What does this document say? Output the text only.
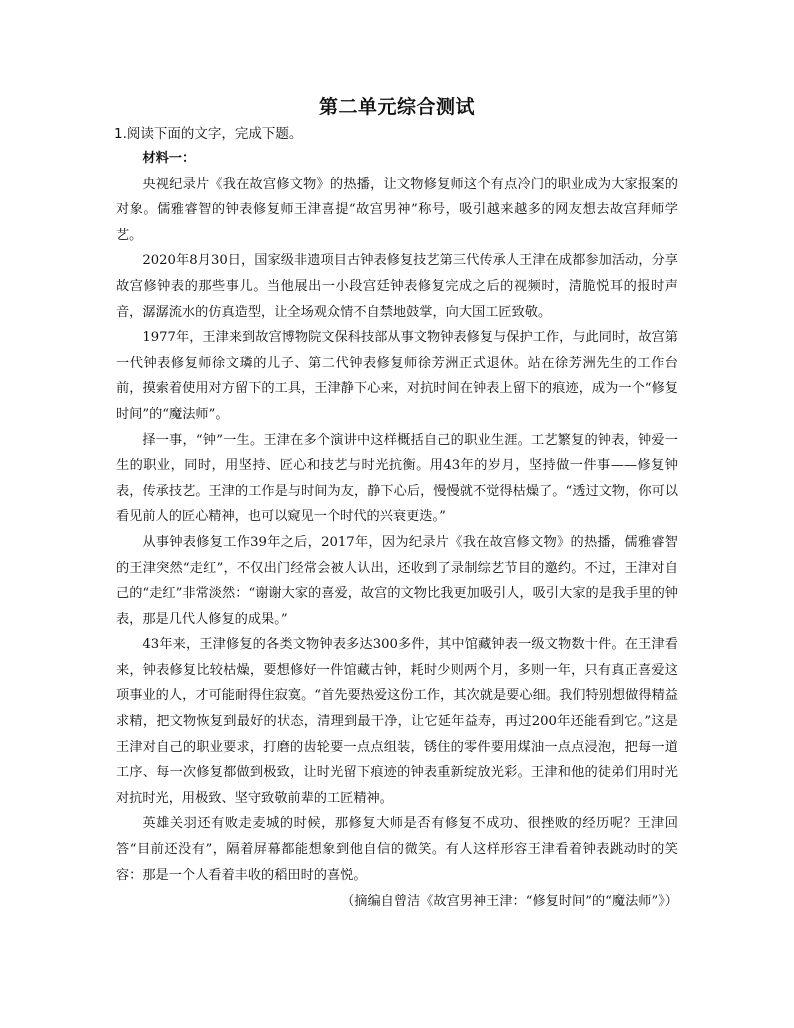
第二单元综合测试
1.阅读下面的文字，完成下题。

材料一：

央视纪录片《我在故宫修文物》的热播，让文物修复师这个有点冷门的职业成为大家报案的对象。儒雅睿智的钟表修复师王津喜提“故宫男神”称号，吸引越来越多的网友想去故宫拜师学艺。

2020年8月30日，国家级非遗项目古钟表修复技艺第三代传承人王津在成都参加活动，分享故宫修钟表的那些事儿。当他展出一小段宫廷钟表修复完成之后的视频时，清脆悦耳的报时声音，潺潺流水的仿真造型，让全场观众情不自禁地鼓掌，向大国工匠致敬。

1977年，王津来到故宫博物院文保科技部从事文物钟表修复与保护工作，与此同时，故宫第一代钟表修复师徐文璘的儿子、第二代钟表修复师徐芳洲正式退休。站在徐芳洲先生的工作台前，摸索着使用对方留下的工具，王津静下心来，对抗时间在钟表上留下的痕迹，成为一个“修复时间”的“魔法师”。

择一事，“钟”一生。王津在多个演讲中这样概括自己的职业生涯。工艺繁复的钟表，钟爱一生的职业，同时，用坚持、匠心和技艺与时光抗衡。用43年的岁月，坚持做一件事——修复钟表，传承技艺。王津的工作是与时间为友，静下心后，慢慢就不觉得枯燥了。“透过文物，你可以看见前人的匠心精神，也可以窥见一个时代的兴衰更迭。”

从事钟表修复工作39年之后，2017年，因为纪录片《我在故宫修文物》的热播，儒雅睿智的王津突然“走红”，不仅出门经常会被人认出，还收到了录制综艺节目的邀约。不过，王津对自己的“走红”非常淡然：“谢谢大家的喜爱，故宫的文物比我更加吸引人，吸引大家的是我手里的钟表，那是几代人修复的成果。”

43年来，王津修复的各类文物钟表多达300多件，其中馆藏钟表一级文物数十件。在王津看来，钟表修复比较枯燥，要想修好一件馆藏古钟，耗时少则两个月，多则一年，只有真正喜爱这项事业的人，才可能耐得住寂寞。“首先要热爱这份工作，其次就是要心细。我们特别想做得精益求精，把文物恢复到最好的状态，清理到最干净，让它延年益寿，再过200年还能看到它。”这是王津对自己的职业要求，打磨的齿轮要一点点组装，锈住的零件要用煤油一点点浸泡，把每一道工序、每一次修复都做到极致，让时光留下痕迹的钟表重新绽放光彩。王津和他的徒弟们用时光对抗时光，用极致、坚守致敬前辈的工匠精神。

英雄关羽还有败走麦城的时候，那修复大师是否有修复不成功、很挫败的经历呢？王津回答“目前还没有”，隔着屏幕都能想象到他自信的微笑。有人这样形容王津看着钟表跳动时的笑容：那是一个人看着丰收的稻田时的喜悦。

（摘编自曾洁《故宫男神王津：“修复时间”的“魔法师”》）
